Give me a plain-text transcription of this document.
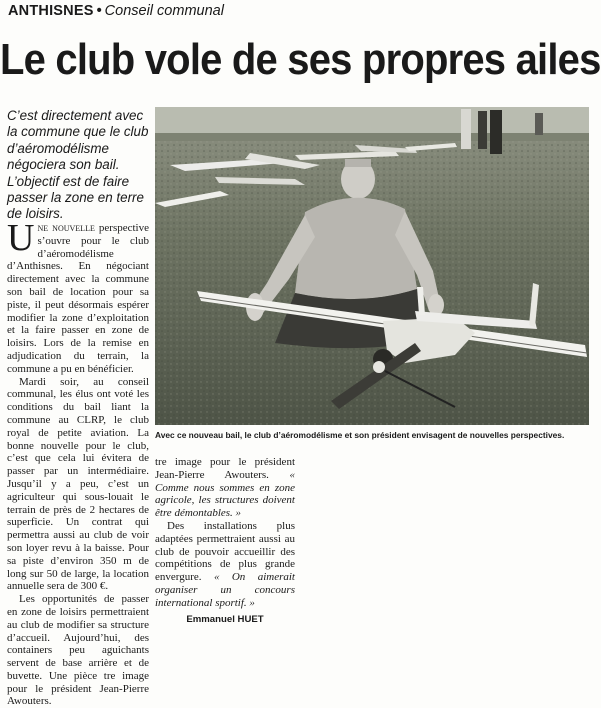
ANTHISNES • Conseil communal
Le club vole de ses propres ailes
C’est directement avec la commune que le club d’aéromodélisme négociera son bail. L’objectif est de faire passer la zone en terre de loisirs.

Une nouvelle perspective s’ouvre pour le club d’aéromodélisme d’Anthisnes. En négociant directement avec la commune son bail de location pour sa piste, il peut désormais espérer modifier la zone d’exploitation et la faire passer en zone de loisirs. Lors de la remise en adjudication du terrain, la commune a pu en bénéficier.

Mardi soir, au conseil communal, les élus ont voté les conditions du bail liant la commune au CLRP, le club royal de petite aviation. La bonne nouvelle pour le club, c’est que cela lui évitera de passer par un intermédiaire. Jusqu’il y a peu, c’est un agriculteur qui sous-louait le terrain de près de 2 hectares de superficie. Un contrat qui permettra aussi au club de voir son loyer revu à la baisse. Pour sa piste d’environ 350 m de long sur 50 de large, la location annuelle sera de 300 €.

Les opportunités de passer en zone de loisirs permettraient au club de modifier sa structure d’accueil. Aujourd’hui, des containers peu aguichants servent de base arrière et de buvette. Une pièce tre image pour le président Jean-Pierre Awouters.

Avec ce nouveau bail, le club d’aéromodélisme et son président envisagent de nouvelles perspectives.

tre image pour le président Jean-Pierre Awouters. « Comme nous sommes en zone agricole, les structures doivent être démontables. »

Des installations plus adaptées permettraient aussi au club de pouvoir accueillir des compétitions de plus grande envergure. « On aimerait organiser un concours international sportif. »

Emmanuel HUET
